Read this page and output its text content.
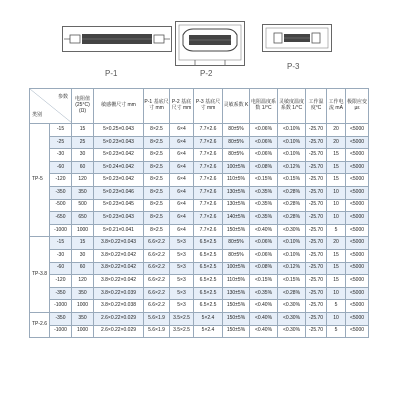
P-1	P-2
P-3
参数
类别		电阻值(25°C) (Ω)	敏感栅尺寸 mm	P-1 基底尺寸 mm	P-2 基底尺寸 mm	P-3 基底尺寸 mm	灵敏系数 K	电阻温度系数 1/°C	灵敏度温度系数 1/°C	工作温度°C	工作电流 mA	极限应变 με
TP-5	-15	15	5×0.25×0.043	8×2.5	6×4	7.7×2.6	80±5%	<0.06%	<0.10%	-25.70	20	<5000
	-25	25	5×0.23×0.043	8×2.5	6×4	7.7×2.6	80±5%	<0.06%	<0.10%	-25.70	20	<5000
	-30	30	5×0.23×0.042	8×2.5	6×4	7.7×2.6	80±5%	<0.06%	<0.10%	-25.70	15	<5000
	-60	60	5×0.24×0.042	8×2.5	6×4	7.7×2.6	100±5%	<0.08%	<0.12%	-25.70	15	<5000
	-120	120	5×0.23×0.042	8×2.5	6×4	7.7×2.6	110±5%	<0.15%	<0.15%	-25.70	15	<5000
	-350	350	5×0.23×0.046	8×2.5	6×4	7.7×2.6	130±5%	<0.35%	<0.28%	-25.70	10	<5000
	-500	500	5×0.23×0.045	8×2.5	6×4	7.7×2.6	130±5%	<0.35%	<0.28%	-25.70	10	<5000
	-650	650	5×0.23×0.043	8×2.5	6×4	7.7×2.6	140±5%	<0.35%	<0.28%	-25.70	10	<5000
	-1000	1000	5×0.21×0.041	8×2.5	6×4	7.7×2.6	150±5%	<0.40%	<0.30%	-25.70	5	<5000
TP-3.8	-15	15	3.8×0.22×0.043	6.6×2.2	5×3	6.5×2.5	80±5%	<0.06%	<0.10%	-25.70	20	<5000
	-30	30	3.8×0.22×0.042	6.6×2.2	5×3	6.5×2.5	80±5%	<0.06%	<0.10%	-25.70	15	<5000
	-60	60	3.8×0.22×0.042	6.6×2.2	5×3	6.5×2.5	100±5%	<0.08%	<0.12%	-25.70	15	<5000
	-120	120	3.8×0.22×0.042	6.6×2.2	5×3	6.5×2.5	110±5%	<0.15%	<0.15%	-25.70	15	<5000
	-350	350	3.8×0.22×0.039	6.6×2.2	5×3	6.5×2.5	130±5%	<0.35%	<0.28%	-25.70	10	<5000
	-1000	1000	3.8×0.22×0.038	6.6×2.2	5×3	6.5×2.5	150±5%	<0.40%	<0.30%	-25.70	5	<5000
TP-2.6	-350	350	2.6×0.22×0.029	5.6×1.9	3.5×2.5	5×2.4	150±5%	<0.40%	<0.30%	-25.70	10	<5000
	-1000	1000	2.6×0.22×0.029	5.6×1.9	3.5×2.5	5×2.4	150±5%	<0.40%	<0.30%	-25.70	5	<5000
